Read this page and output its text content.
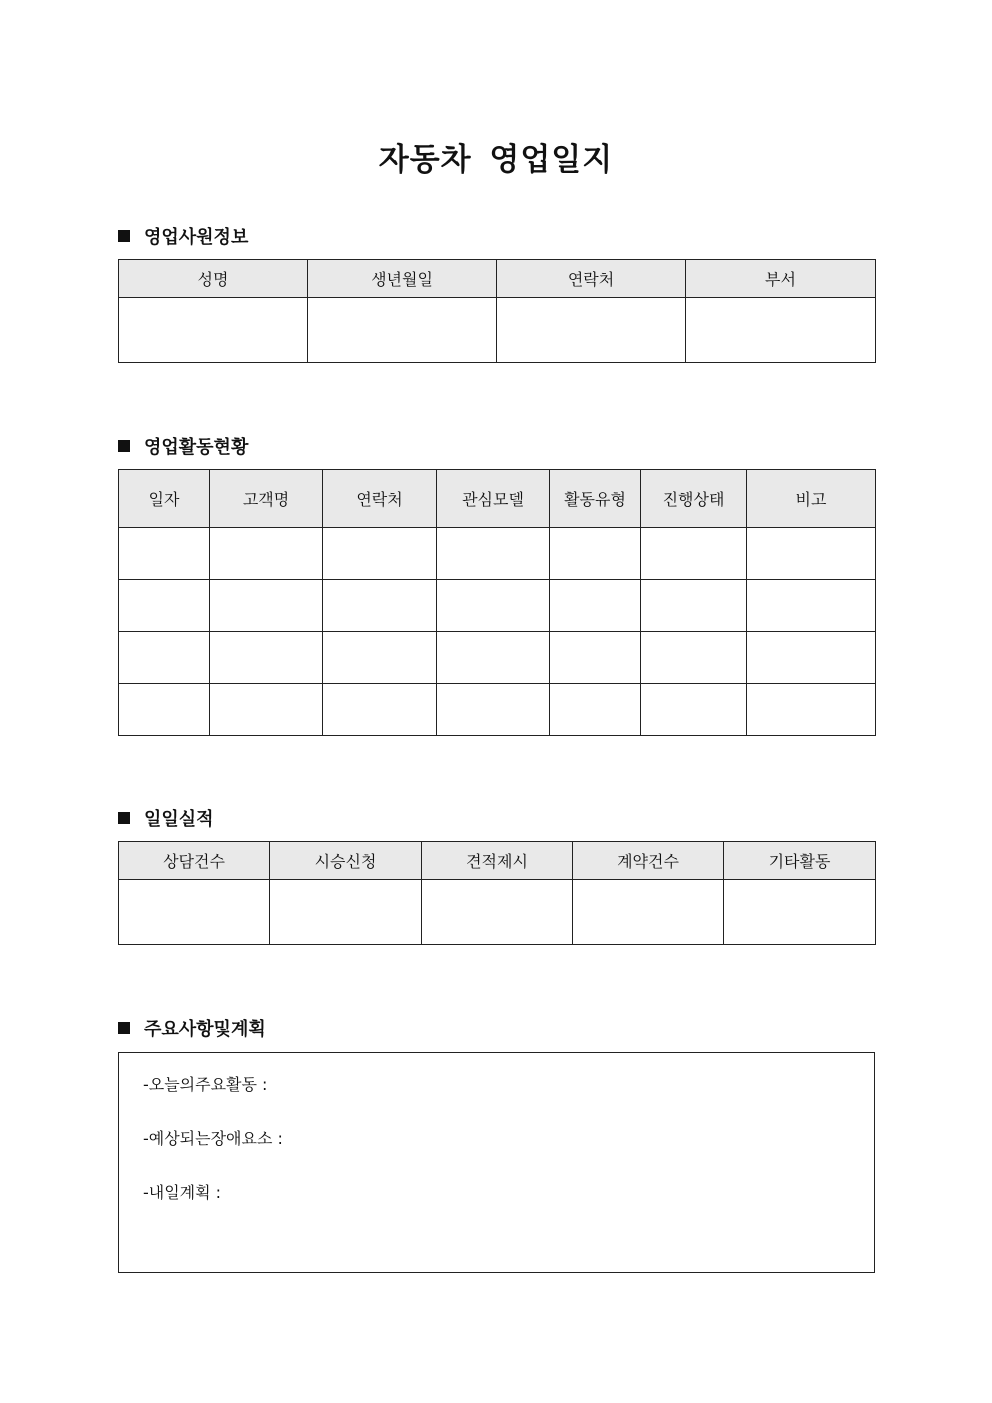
자동차 영업일지
영업사원정보
성명	생년월일	연락처	부서

영업활동현황
일자	고객명	연락처	관심모델	활동유형	진행상태	비고

일일실적
상담건수	시승신청	견적제시	계약건수	기타활동

주요사항및계획
-오늘의주요활동 :
-예상되는장애요소 :
-내일계획 :
